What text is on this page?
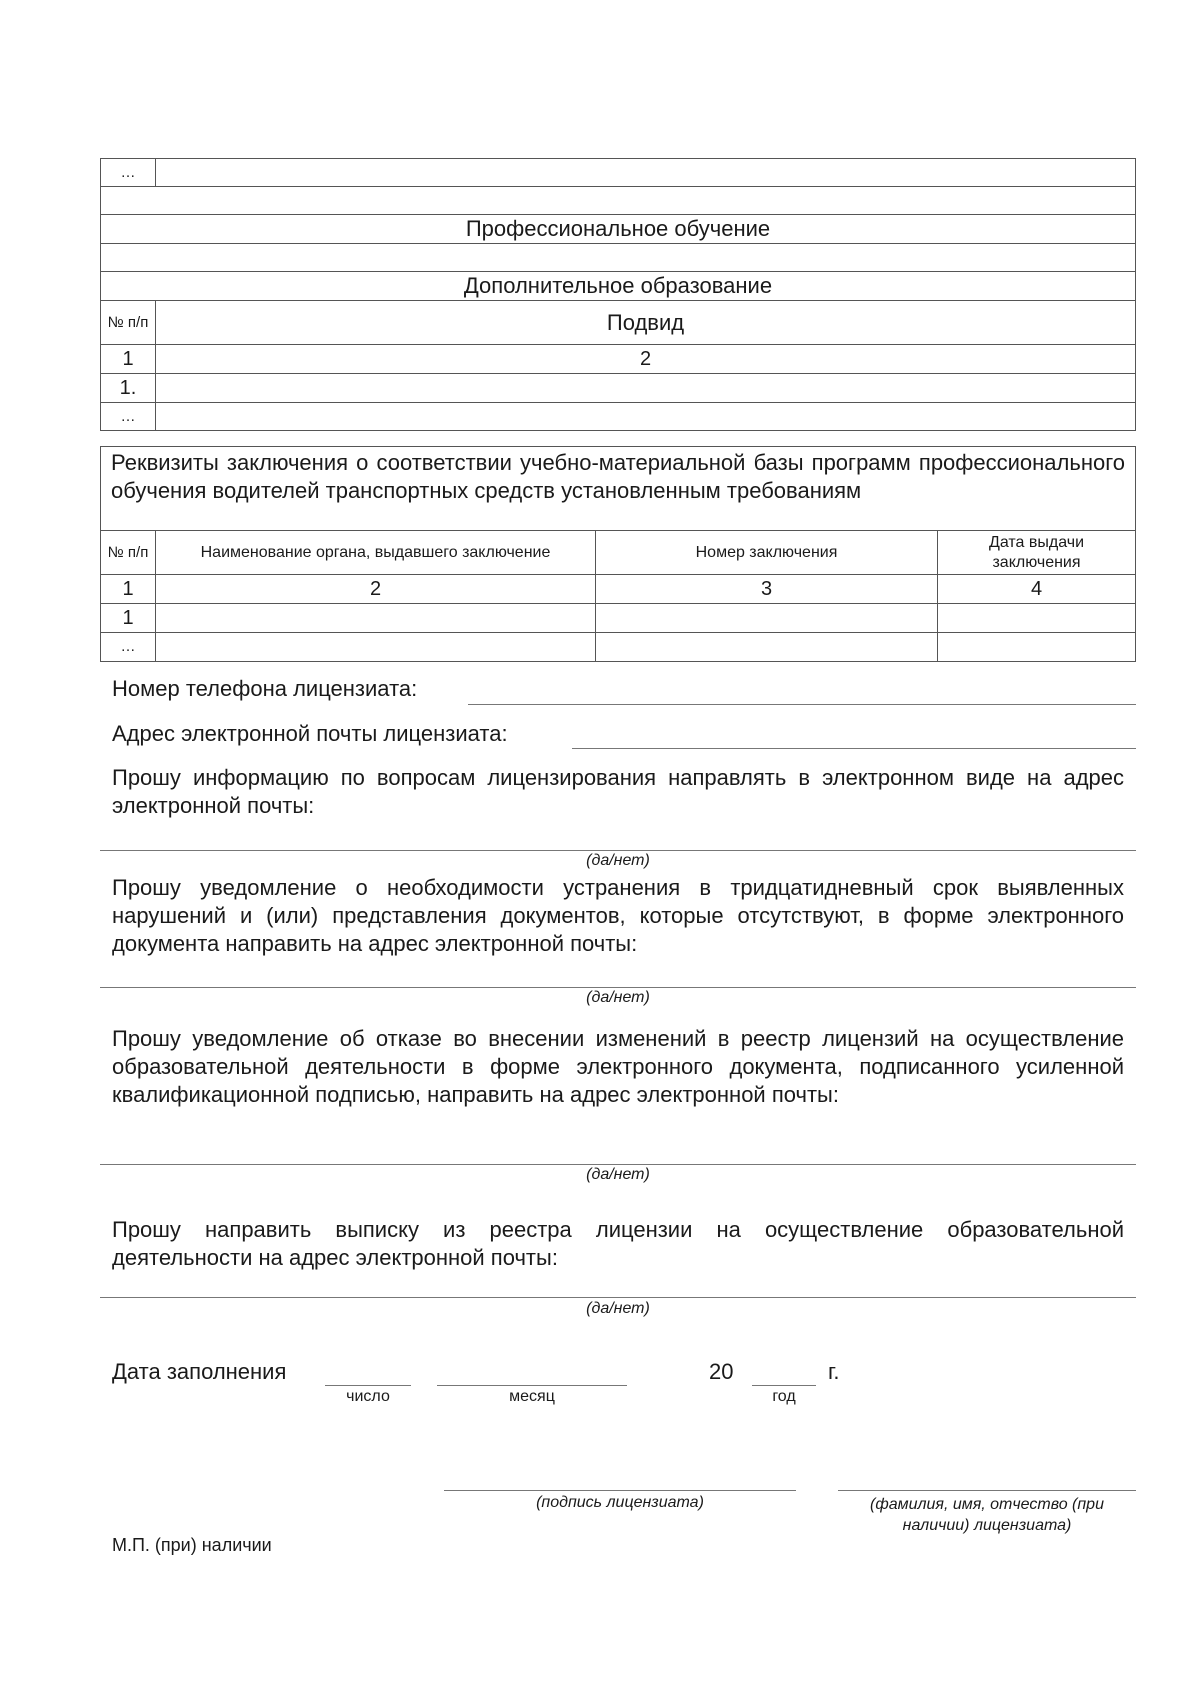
…	

Профессиональное обучение	

Дополнительное образование	
№ п/п	Подвид
1	2
1.	
…	
Реквизиты заключения о соответствии учебно-материальной базы программ профессионального обучения водителей транспортных средств установленным требованиям			
№ п/п	Наименование органа, выдавшего заключение	Номер заключения	Дата выдачи заключения
1	2	3	4
1			
…			
Номер телефона лицензиата:
Адрес электронной почты лицензиата:

Прошу информацию по вопросам лицензирования направлять в электронном виде на адрес электронной почты:

(да/нет)

Прошу уведомление о необходимости устранения в тридцатидневный срок выявленных нарушений и (или) представления документов, которые отсутствуют, в форме электронного документа направить на адрес электронной почты:

(да/нет)

Прошу уведомление об отказе во внесении изменений в реестр лицензий на осуществление образовательной деятельности в форме электронного документа, подписанного усиленной квалификационной подписью, направить на адрес электронной почты:

(да/нет)

Прошу направить выписку из реестра лицензии на осуществление образовательной деятельности на адрес электронной почты:

(да/нет)
Дата заполнения
число	месяц
20
год
г.
(подпись лицензиата)	(фамилия, имя, отчество (при наличии) лицензиата)
М.П. (при) наличии
